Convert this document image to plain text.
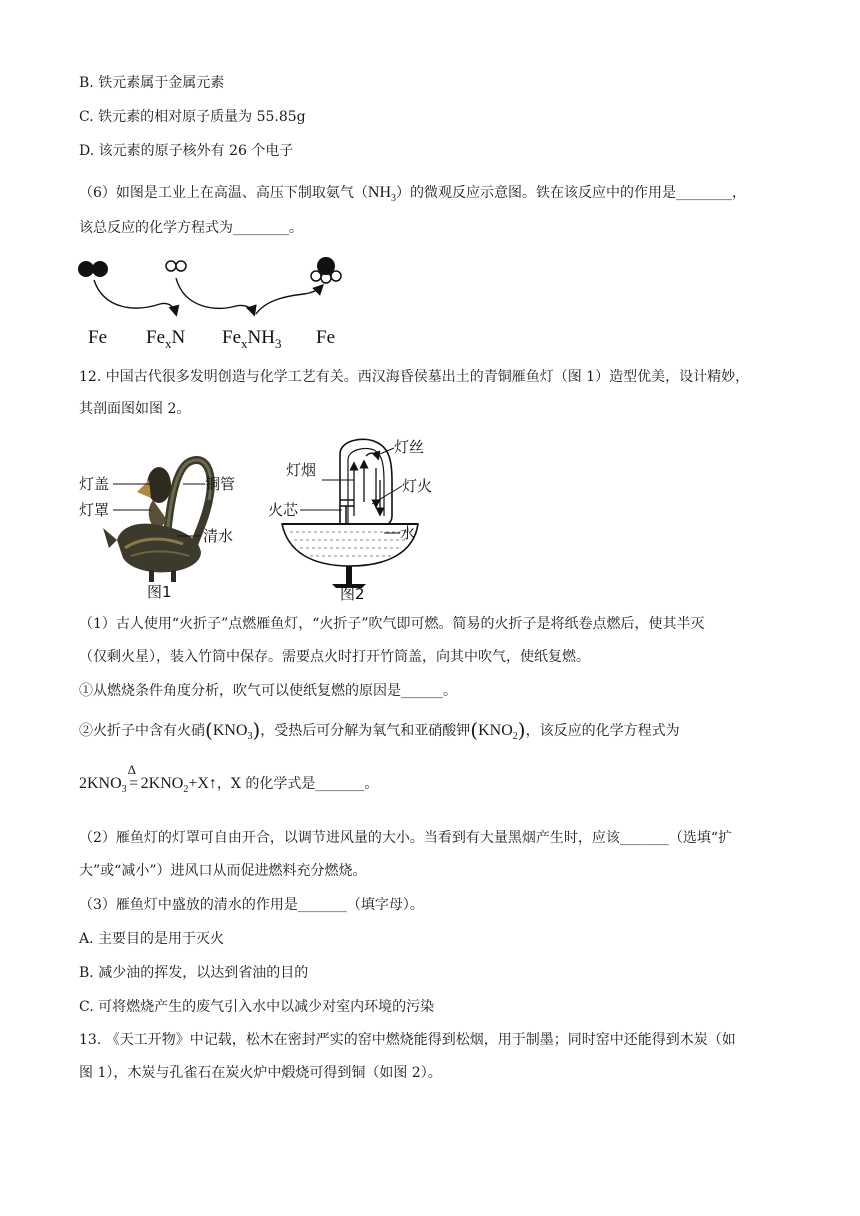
B. 铁元素属于金属元素
C. 铁元素的相对原子质量为 55.85g
D. 该元素的原子核外有 26 个电子
（6）如图是工业上在高温、高压下制取氨气$(NH_3)$的微观反应示意图。铁在该反应中的作用是________，
该总反应的化学方程式为________。
Fe $Fe_xN$ $Fe_xNH_3$ Fe
12. 中国古代很多发明创造与化学工艺有关。西汉海昏侯墓出土的青铜雁鱼灯（图 1）造型优美，设计精妙，
其剖面图如图 2。
灯盖
灯罩
铜管
清水
图1
灯丝
灯烟
灯火
火芯
水
图2
（1）古人使用“火折子”点燃雁鱼灯，“火折子”吹气即可燃。简易的火折子是将纸卷点燃后，使其半灭
（仅剩火星），装入竹筒中保存。需要点火时打开竹筒盖，向其中吹气，使纸复燃。
①从燃烧条件角度分析，吹气可以使纸复燃的原因是______。
②火折子中含有火硝$(KNO_3)$，受热后可分解为氧气和亚硝酸钾$(KNO_2)$，该反应的化学方程式为
$2KNO_3$
Δ
= $2KNO_2+X↑$，X 的化学式是_______。
（2）雁鱼灯的灯罩可自由开合，以调节进风量的大小。当看到有大量黑烟产生时，应该_______（选填“扩
大”或“减小”）进风口从而促进燃料充分燃烧。
（3）雁鱼灯中盛放的清水的作用是_______（填字母）。
A. 主要目的是用于灭火
B. 减少油的挥发，以达到省油的目的
C. 可将燃烧产生的废气引入水中以减少对室内环境的污染
13. 《天工开物》中记载，松木在密封严实的窑中燃烧能得到松烟，用于制墨；同时窑中还能得到木炭（如
图 1），木炭与孔雀石在炭火炉中煅烧可得到铜（如图 2）。
